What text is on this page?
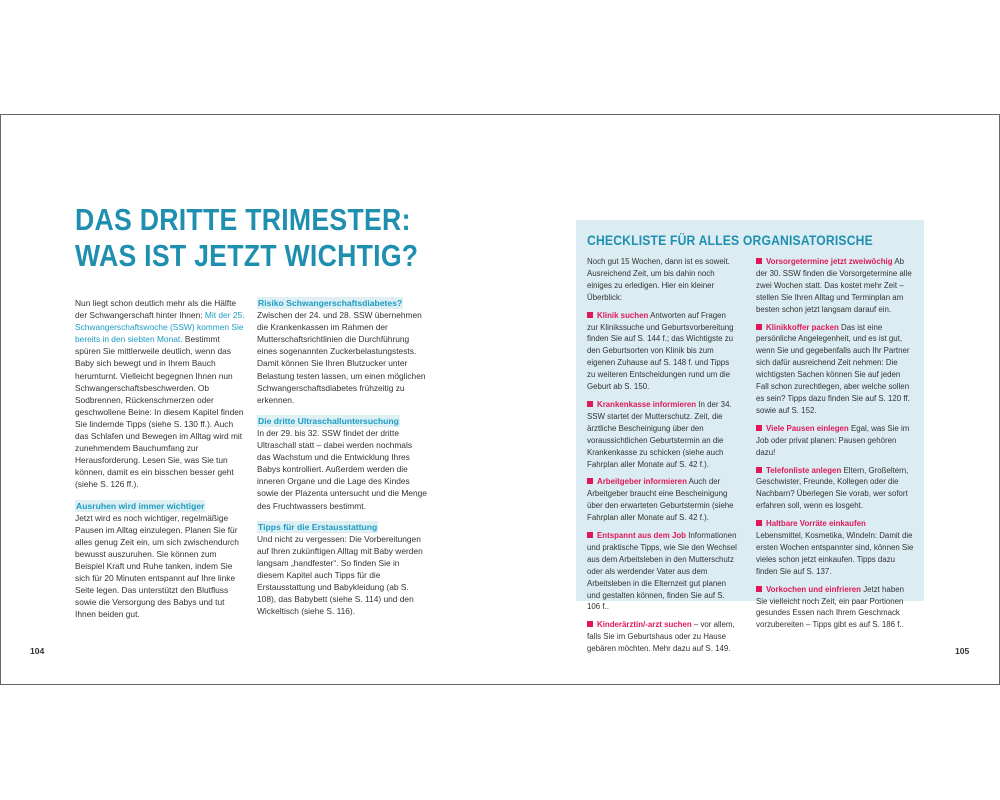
DAS DRITTE TRIMESTER:
WAS IST JETZT WICHTIG?

Nun liegt schon deutlich mehr als die Hälfte der Schwangerschaft hinter Ihnen: Mit der 25. Schwangerschaftswoche (SSW) kommen Sie bereits in den siebten Monat. Bestimmt spüren Sie mittlerweile deutlich, wenn das Baby sich bewegt und in Ihrem Bauch herumturnt. Vielleicht begegnen Ihnen nun Schwangerschaftsbeschwerden. Ob Sodbrennen, Rückenschmerzen oder geschwollene Beine: In diesem Kapitel finden Sie lindernde Tipps (siehe S. 130 ff.). Auch das Schlafen und Bewegen im Alltag wird mit zunehmendem Bauchumfang zur Herausforderung. Lesen Sie, was Sie tun können, damit es ein bisschen besser geht (siehe S. 126 ff.).

Ausruhen wird immer wichtiger

Jetzt wird es noch wichtiger, regelmäßige Pausen im Alltag einzulegen. Planen Sie für alles genug Zeit ein, um sich zwischendurch bewusst auszuruhen. Sie können zum Beispiel Kraft und Ruhe tanken, indem Sie sich für 20 Minuten entspannt auf Ihre linke Seite legen. Das unterstützt den Blutfluss sowie die Versorgung des Babys und tut Ihnen beiden gut.

Risiko Schwangerschaftsdiabetes?

Zwischen der 24. und 28. SSW übernehmen die Krankenkassen im Rahmen der Mutterschaftsrichtlinien die Durchführung eines sogenannten Zuckerbelastungstests. Damit können Sie Ihren Blutzucker unter Belastung testen lassen, um einen möglichen Schwangerschaftsdiabetes frühzeitig zu erkennen.

Die dritte Ultraschalluntersuchung

In der 29. bis 32. SSW findet der dritte Ultraschall statt – dabei werden nochmals das Wachstum und die Entwicklung Ihres Babys kontrolliert. Außerdem werden die inneren Organe und die Lage des Kindes sowie der Plazenta untersucht und die Menge des Fruchtwassers bestimmt.

Tipps für die Erstausstattung

Und nicht zu vergessen: Die Vorbereitungen auf Ihren zukünftigen Alltag mit Baby werden langsam „handfester“. So finden Sie in diesem Kapitel auch Tipps für die Erstausstattung und Babykleidung (ab S. 108), das Babybett (siehe S. 114) und den Wickeltisch (siehe S. 116).

CHECKLISTE FÜR ALLES ORGANISATORISCHE

Noch gut 15 Wochen, dann ist es soweit. Ausreichend Zeit, um bis dahin noch einiges zu erledigen. Hier ein kleiner Überblick:

Klinik suchen Antworten auf Fragen zur Klinikssuche und Geburtsvorbereitung finden Sie auf S. 144 f.; das Wichtigste zu den Geburtsorten von Klinik bis zum eigenen Zuhause auf S. 148 f. und Tipps zu weiteren Entscheidungen rund um die Geburt ab S. 150.

Krankenkasse informieren In der 34. SSW startet der Mutterschutz. Zeit, die ärztliche Bescheinigung über den voraussichtlichen Geburtstermin an die Krankenkasse zu schicken (siehe auch Fahrplan aller Monate auf S. 42 f.).

Arbeitgeber informieren Auch der Arbeitgeber braucht eine Bescheinigung über den erwarteten Geburtstermin (siehe Fahrplan aller Monate auf S. 42 f.).

Entspannt aus dem Job Informationen und praktische Tipps, wie Sie den Wechsel aus dem Arbeitsleben in den Mutterschutz oder als werdender Vater aus dem Arbeitsleben in die Elternzeit gut planen und gestalten können, finden Sie auf S. 106 f..

Kinderärztin/-arzt suchen – vor allem, falls Sie im Geburtshaus oder zu Hause gebären möchten. Mehr dazu auf S. 149.

Vorsorgetermine jetzt zweiwöchig Ab der 30. SSW finden die Vorsorgetermine alle zwei Wochen statt. Das kostet mehr Zeit – stellen Sie Ihren Alltag und Terminplan am besten schon jetzt langsam darauf ein.

Klinikkoffer packen Das ist eine persönliche Angelegenheit, und es ist gut, wenn Sie und gegebenfalls auch Ihr Partner sich dafür ausreichend Zeit nehmen: Die wichtigsten Sachen können Sie auf jeden Fall schon zurechtlegen, aber welche sollen es sein? Tipps dazu finden Sie auf S. 120 ff. sowie auf S. 152.

Viele Pausen einlegen Egal, was Sie im Job oder privat planen: Pausen gehören dazu!

Telefonliste anlegen Eltern, Großeltern, Geschwister, Freunde, Kollegen oder die Nachbarn? Überlegen Sie vorab, wer sofort erfahren soll, wenn es losgeht.

Haltbare Vorräte einkaufen Lebensmittel, Kosmetika, Windeln: Damit die ersten Wochen entspannter sind, können Sie vieles schon jetzt einkaufen. Tipps dazu finden Sie auf S. 137.

Vorkochen und einfrieren Jetzt haben Sie vielleicht noch Zeit, ein paar Portionen gesundes Essen nach Ihrem Geschmack vorzubereiten – Tipps gibt es auf S. 186 f..

104	105
